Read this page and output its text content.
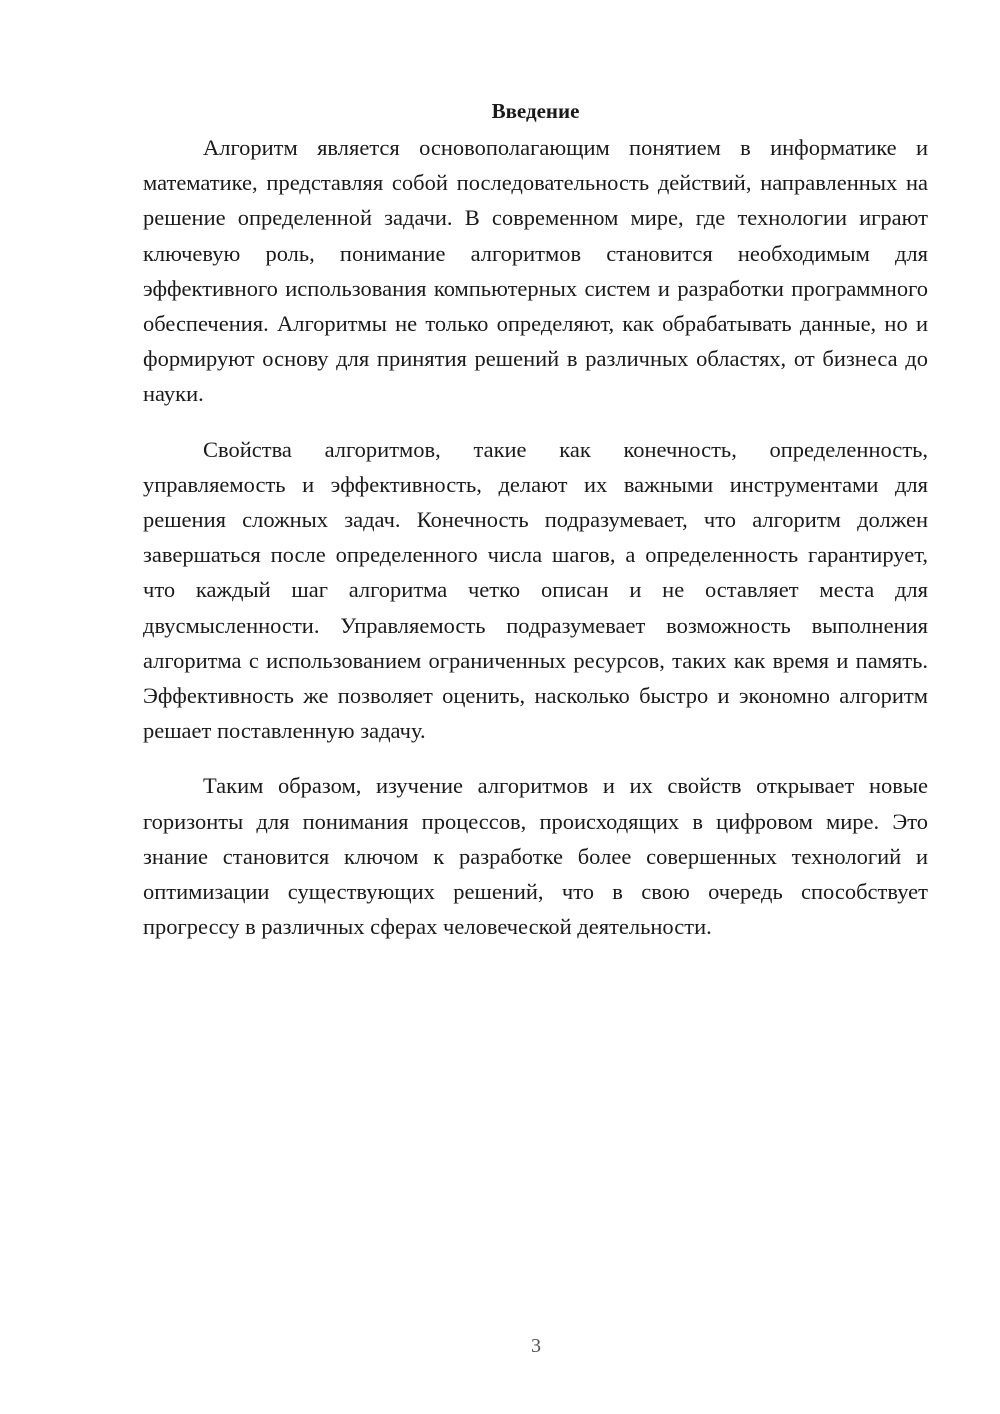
Введение

Алгоритм является основополагающим понятием в информатике и математике, представляя собой последовательность действий, направленных на решение определенной задачи. В современном мире, где технологии играют ключевую роль, понимание алгоритмов становится необходимым для эффективного использования компьютерных систем и разработки программного обеспечения. Алгоритмы не только определяют, как обрабатывать данные, но и формируют основу для принятия решений в различных областях, от бизнеса до науки.

Свойства алгоритмов, такие как конечность, определенность, управляемость и эффективность, делают их важными инструментами для решения сложных задач. Конечность подразумевает, что алгоритм должен завершаться после определенного числа шагов, а определенность гарантирует, что каждый шаг алгоритма четко описан и не оставляет места для двусмысленности. Управляемость подразумевает возможность выполнения алгоритма с использованием ограниченных ресурсов, таких как время и память. Эффективность же позволяет оценить, насколько быстро и экономно алгоритм решает поставленную задачу.

Таким образом, изучение алгоритмов и их свойств открывает новые горизонты для понимания процессов, происходящих в цифровом мире. Это знание становится ключом к разработке более совершенных технологий и оптимизации существующих решений, что в свою очередь способствует прогрессу в различных сферах человеческой деятельности.

3
